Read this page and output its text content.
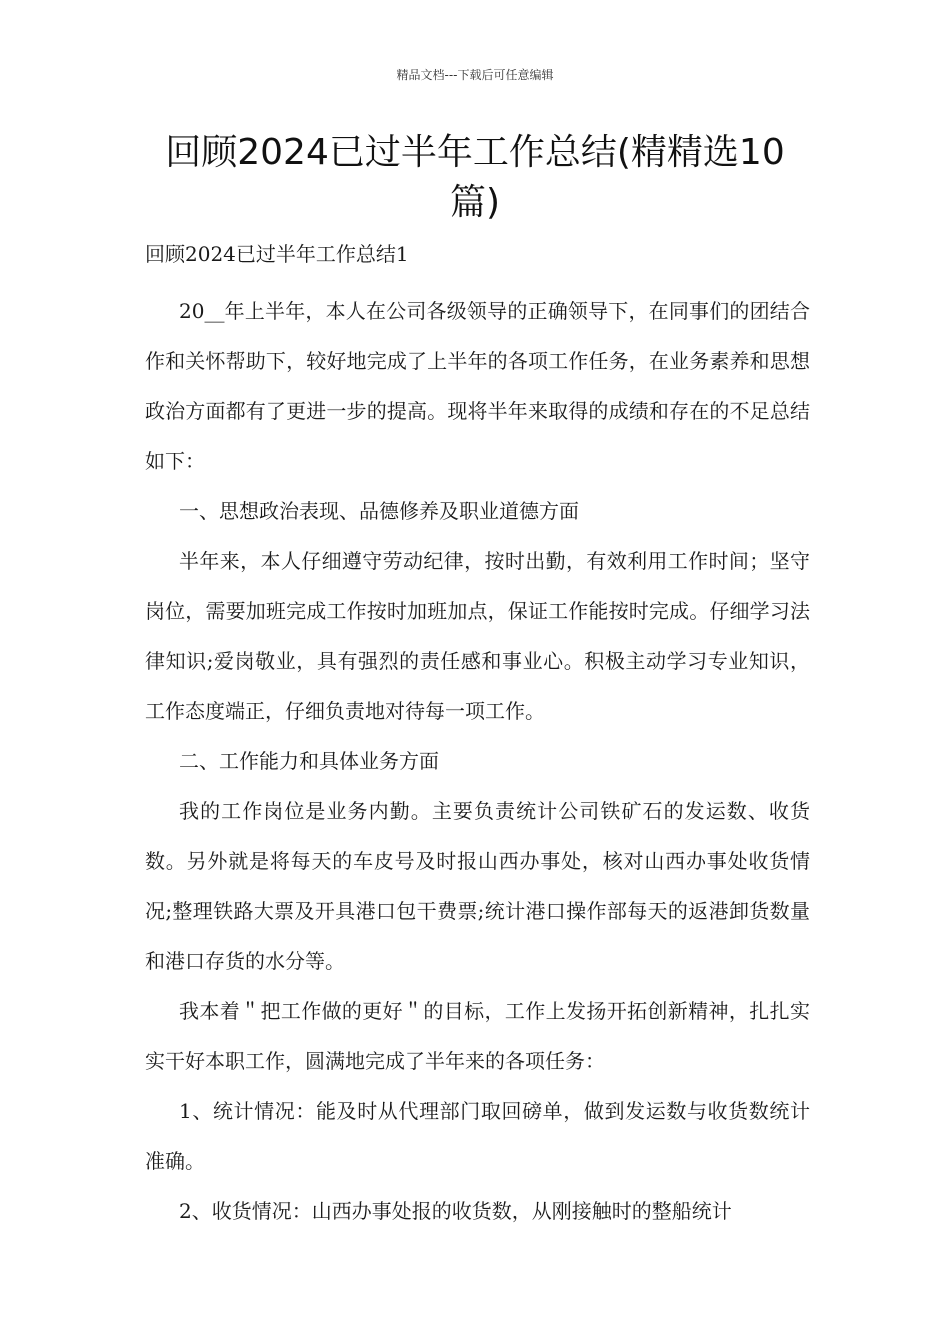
精品文档---下载后可任意编辑
回顾2024已过半年工作总结(精精选10篇)

回顾2024已过半年工作总结1

20__年上半年，本人在公司各级领导的正确领导下，在同事们的团结合作和关怀帮助下，较好地完成了上半年的各项工作任务，在业务素养和思想政治方面都有了更进一步的提高。现将半年来取得的成绩和存在的不足总结如下：

一、思想政治表现、品德修养及职业道德方面

半年来，本人仔细遵守劳动纪律，按时出勤，有效利用工作时间；坚守岗位，需要加班完成工作按时加班加点，保证工作能按时完成。仔细学习法律知识;爱岗敬业，具有强烈的责任感和事业心。积极主动学习专业知识，工作态度端正，仔细负责地对待每一项工作。

二、工作能力和具体业务方面

我的工作岗位是业务内勤。主要负责统计公司铁矿石的发运数、收货数。另外就是将每天的车皮号及时报山西办事处，核对山西办事处收货情况;整理铁路大票及开具港口包干费票;统计港口操作部每天的返港卸货数量和港口存货的水分等。

我本着＂把工作做的更好＂的目标，工作上发扬开拓创新精神，扎扎实实干好本职工作，圆满地完成了半年来的各项任务：

1、统计情况：能及时从代理部门取回磅单，做到发运数与收货数统计准确。

2、收货情况：山西办事处报的收货数，从刚接触时的整船统计
